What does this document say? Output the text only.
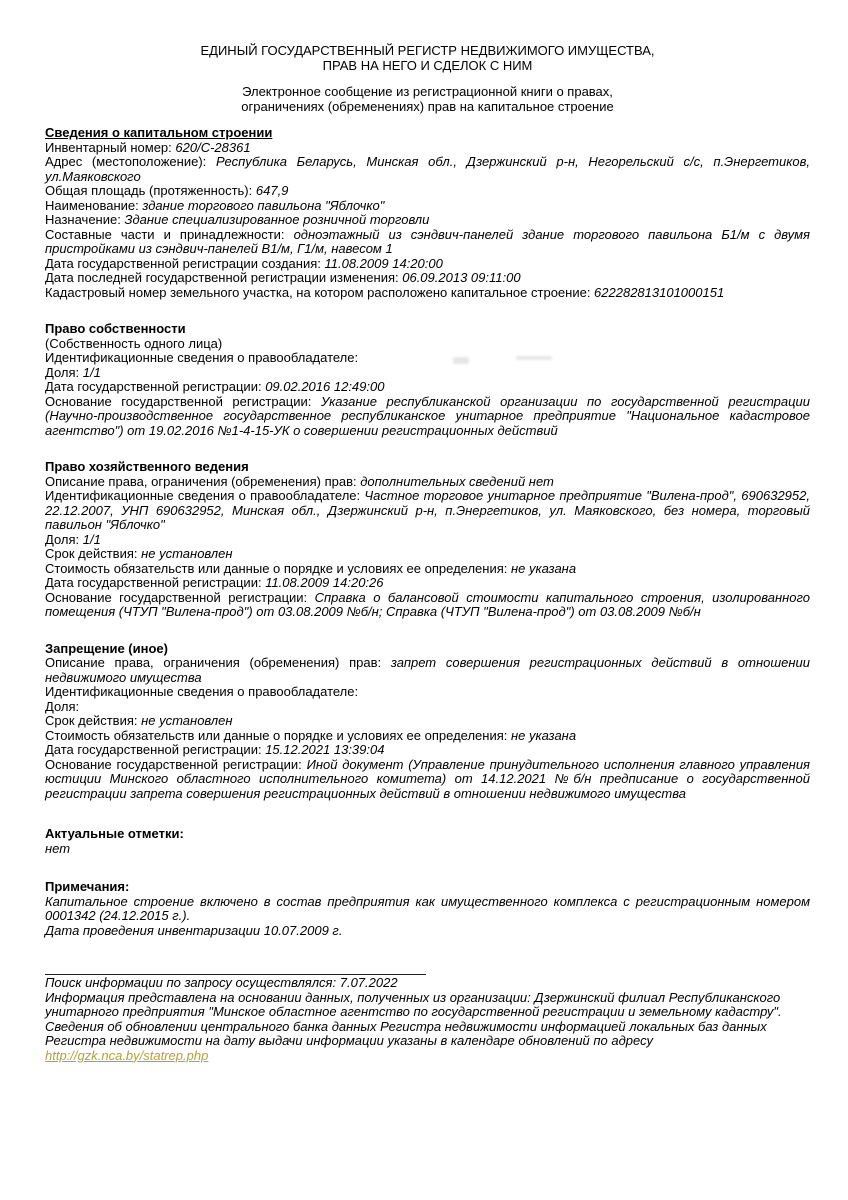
ЕДИНЫЙ ГОСУДАРСТВЕННЫЙ РЕГИСТР НЕДВИЖИМОГО ИМУЩЕСТВА,
ПРАВ НА НЕГО И СДЕЛОК С НИМ
Электронное сообщение из регистрационной книги о правах,
ограничениях (обременениях) прав на капитальное строение
Сведения о капитальном строении
Инвентарный номер: 620/С-28361
Адрес (местоположение): Республика Беларусь, Минская обл., Дзержинский р-н, Негорельский с/с, п.Энергетиков, ул.Маяковского
Общая площадь (протяженность): 647,9
Наименование: здание торгового павильона "Яблочко"
Назначение: Здание специализированное розничной торговли
Составные части и принадлежности: одноэтажный из сэндвич-панелей здание торгового павильона Б1/м с двумя пристройками из сэндвич-панелей В1/м, Г1/м, навесом 1
Дата государственной регистрации создания: 11.08.2009 14:20:00
Дата последней государственной регистрации изменения: 06.09.2013 09:11:00
Кадастровый номер земельного участка, на котором расположено капитальное строение: 622282813101000151
Право собственности
(Собственность одного лица)
Идентификационные сведения о правообладателе:
Доля: 1/1
Дата государственной регистрации: 09.02.2016 12:49:00
Основание государственной регистрации: Указание республиканской организации по государственной регистрации (Научно-производственное государственное республиканское унитарное предприятие "Национальное кадастровое агентство") от 19.02.2016 №1-4-15-УК о совершении регистрационных действий
Право хозяйственного ведения
Описание права, ограничения (обременения) прав: дополнительных сведений нет
Идентификационные сведения о правообладателе: Частное торговое унитарное предприятие "Вилена-прод", 690632952, 22.12.2007, УНП 690632952, Минская обл., Дзержинский р-н, п.Энергетиков, ул. Маяковского, без номера, торговый павильон "Яблочко"
Доля: 1/1
Срок действия: не установлен
Стоимость обязательств или данные о порядке и условиях ее определения: не указана
Дата государственной регистрации: 11.08.2009 14:20:26
Основание государственной регистрации: Справка о балансовой стоимости капитального строения, изолированного помещения (ЧТУП "Вилена-прод") от 03.08.2009 №б/н; Справка (ЧТУП "Вилена-прод") от 03.08.2009 №б/н
Запрещение (иное)
Описание права, ограничения (обременения) прав: запрет совершения регистрационных действий в отношении недвижимого имущества
Идентификационные сведения о правообладателе:
Доля:
Срок действия: не установлен
Стоимость обязательств или данные о порядке и условиях ее определения: не указана
Дата государственной регистрации: 15.12.2021 13:39:04
Основание государственной регистрации: Иной документ (Управление принудительного исполнения главного управления юстиции Минского областного исполнительного комитета) от 14.12.2021 №б/н предписание о государственной регистрации запрета совершения регистрационных действий в отношении недвижимого имущества
Актуальные отметки:
нет
Примечания:
Капитальное строение включено в состав предприятия как имущественного комплекса с регистрационным номером 0001342 (24.12.2015 г.).
Дата проведения инвентаризации 10.07.2009 г.
Поиск информации по запросу осуществлялся: 7.07.2022
Информация представлена на основании данных, полученных из организации: Дзержинский филиал Республиканского унитарного предприятия "Минское областное агентство по государственной регистрации и земельному кадастру". Сведения об обновлении центрального банка данных Регистра недвижимости информацией локальных баз данных Регистра недвижимости на дату выдачи информации указаны в календаре обновлений по адресу
http://gzk.nca.by/statrep.php
